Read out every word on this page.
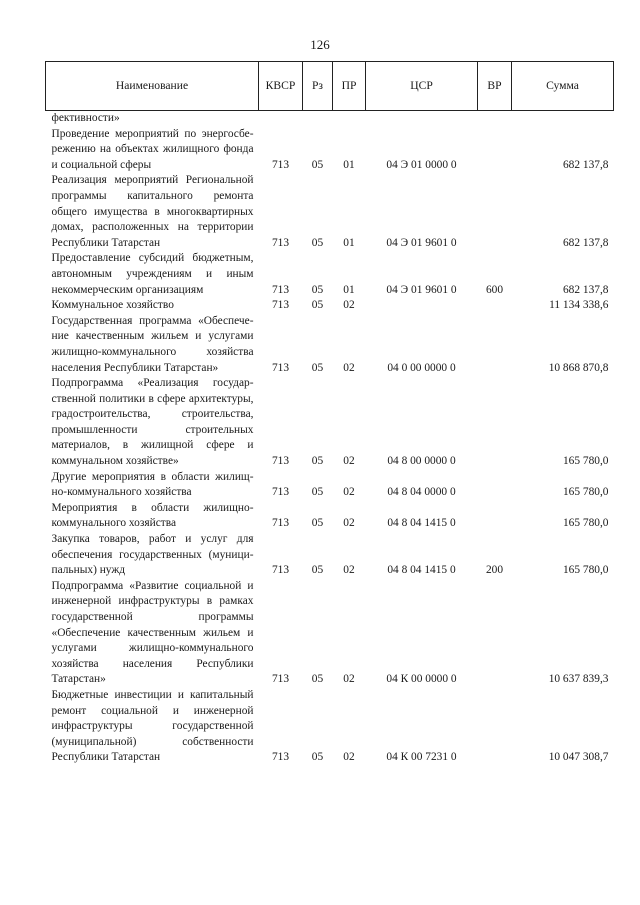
126
Наименование	КВСР	Рз	ПР	ЦСР	ВР	Сумма
фективности»						
Проведение мероприятий по энергосбережению на объектах жилищного фонда и социальной сферы	713	05	01	04 Э 01 0000 0		682 137,8
Реализация мероприятий Региональной программы капитального ремонта общего имущества в многоквартирных домах, расположенных на территории Республики Татарстан	713	05	01	04 Э 01 9601 0		682 137,8
Предоставление субсидий бюджетным, автономным учреждениям и иным некоммерческим организациям	713	05	01	04 Э 01 9601 0	600	682 137,8
Коммунальное хозяйство	713	05	02			11 134 338,6
Государственная программа «Обеспечение качественным жильем и услугами жилищно-коммунального хозяйства населения Республики Татарстан»	713	05	02	04 0 00 0000 0		10 868 870,8
Подпрограмма «Реализация государственной политики в сфере архитектуры, градостроительства, строительства, промышленности строительных материалов, в жилищной сфере и коммунальном хозяйстве»	713	05	02	04 8 00 0000 0		165 780,0
Другие мероприятия в области жилищно-коммунального хозяйства	713	05	02	04 8 04 0000 0		165 780,0
Мероприятия в области жилищно-коммунального хозяйства	713	05	02	04 8 04 1415 0		165 780,0
Закупка товаров, работ и услуг для обеспечения государственных (муниципальных) нужд	713	05	02	04 8 04 1415 0	200	165 780,0
Подпрограмма «Развитие социальной и инженерной инфраструктуры в рамках государственной программы «Обеспечение качественным жильем и услугами жилищно-коммунального хозяйства населения Республики Татарстан»	713	05	02	04 К 00 0000 0		10 637 839,3
Бюджетные инвестиции и капитальный ремонт социальной и инженерной инфраструктуры государственной (муниципальной) собственности Республики Татарстан	713	05	02	04 К 00 7231 0		10 047 308,7
